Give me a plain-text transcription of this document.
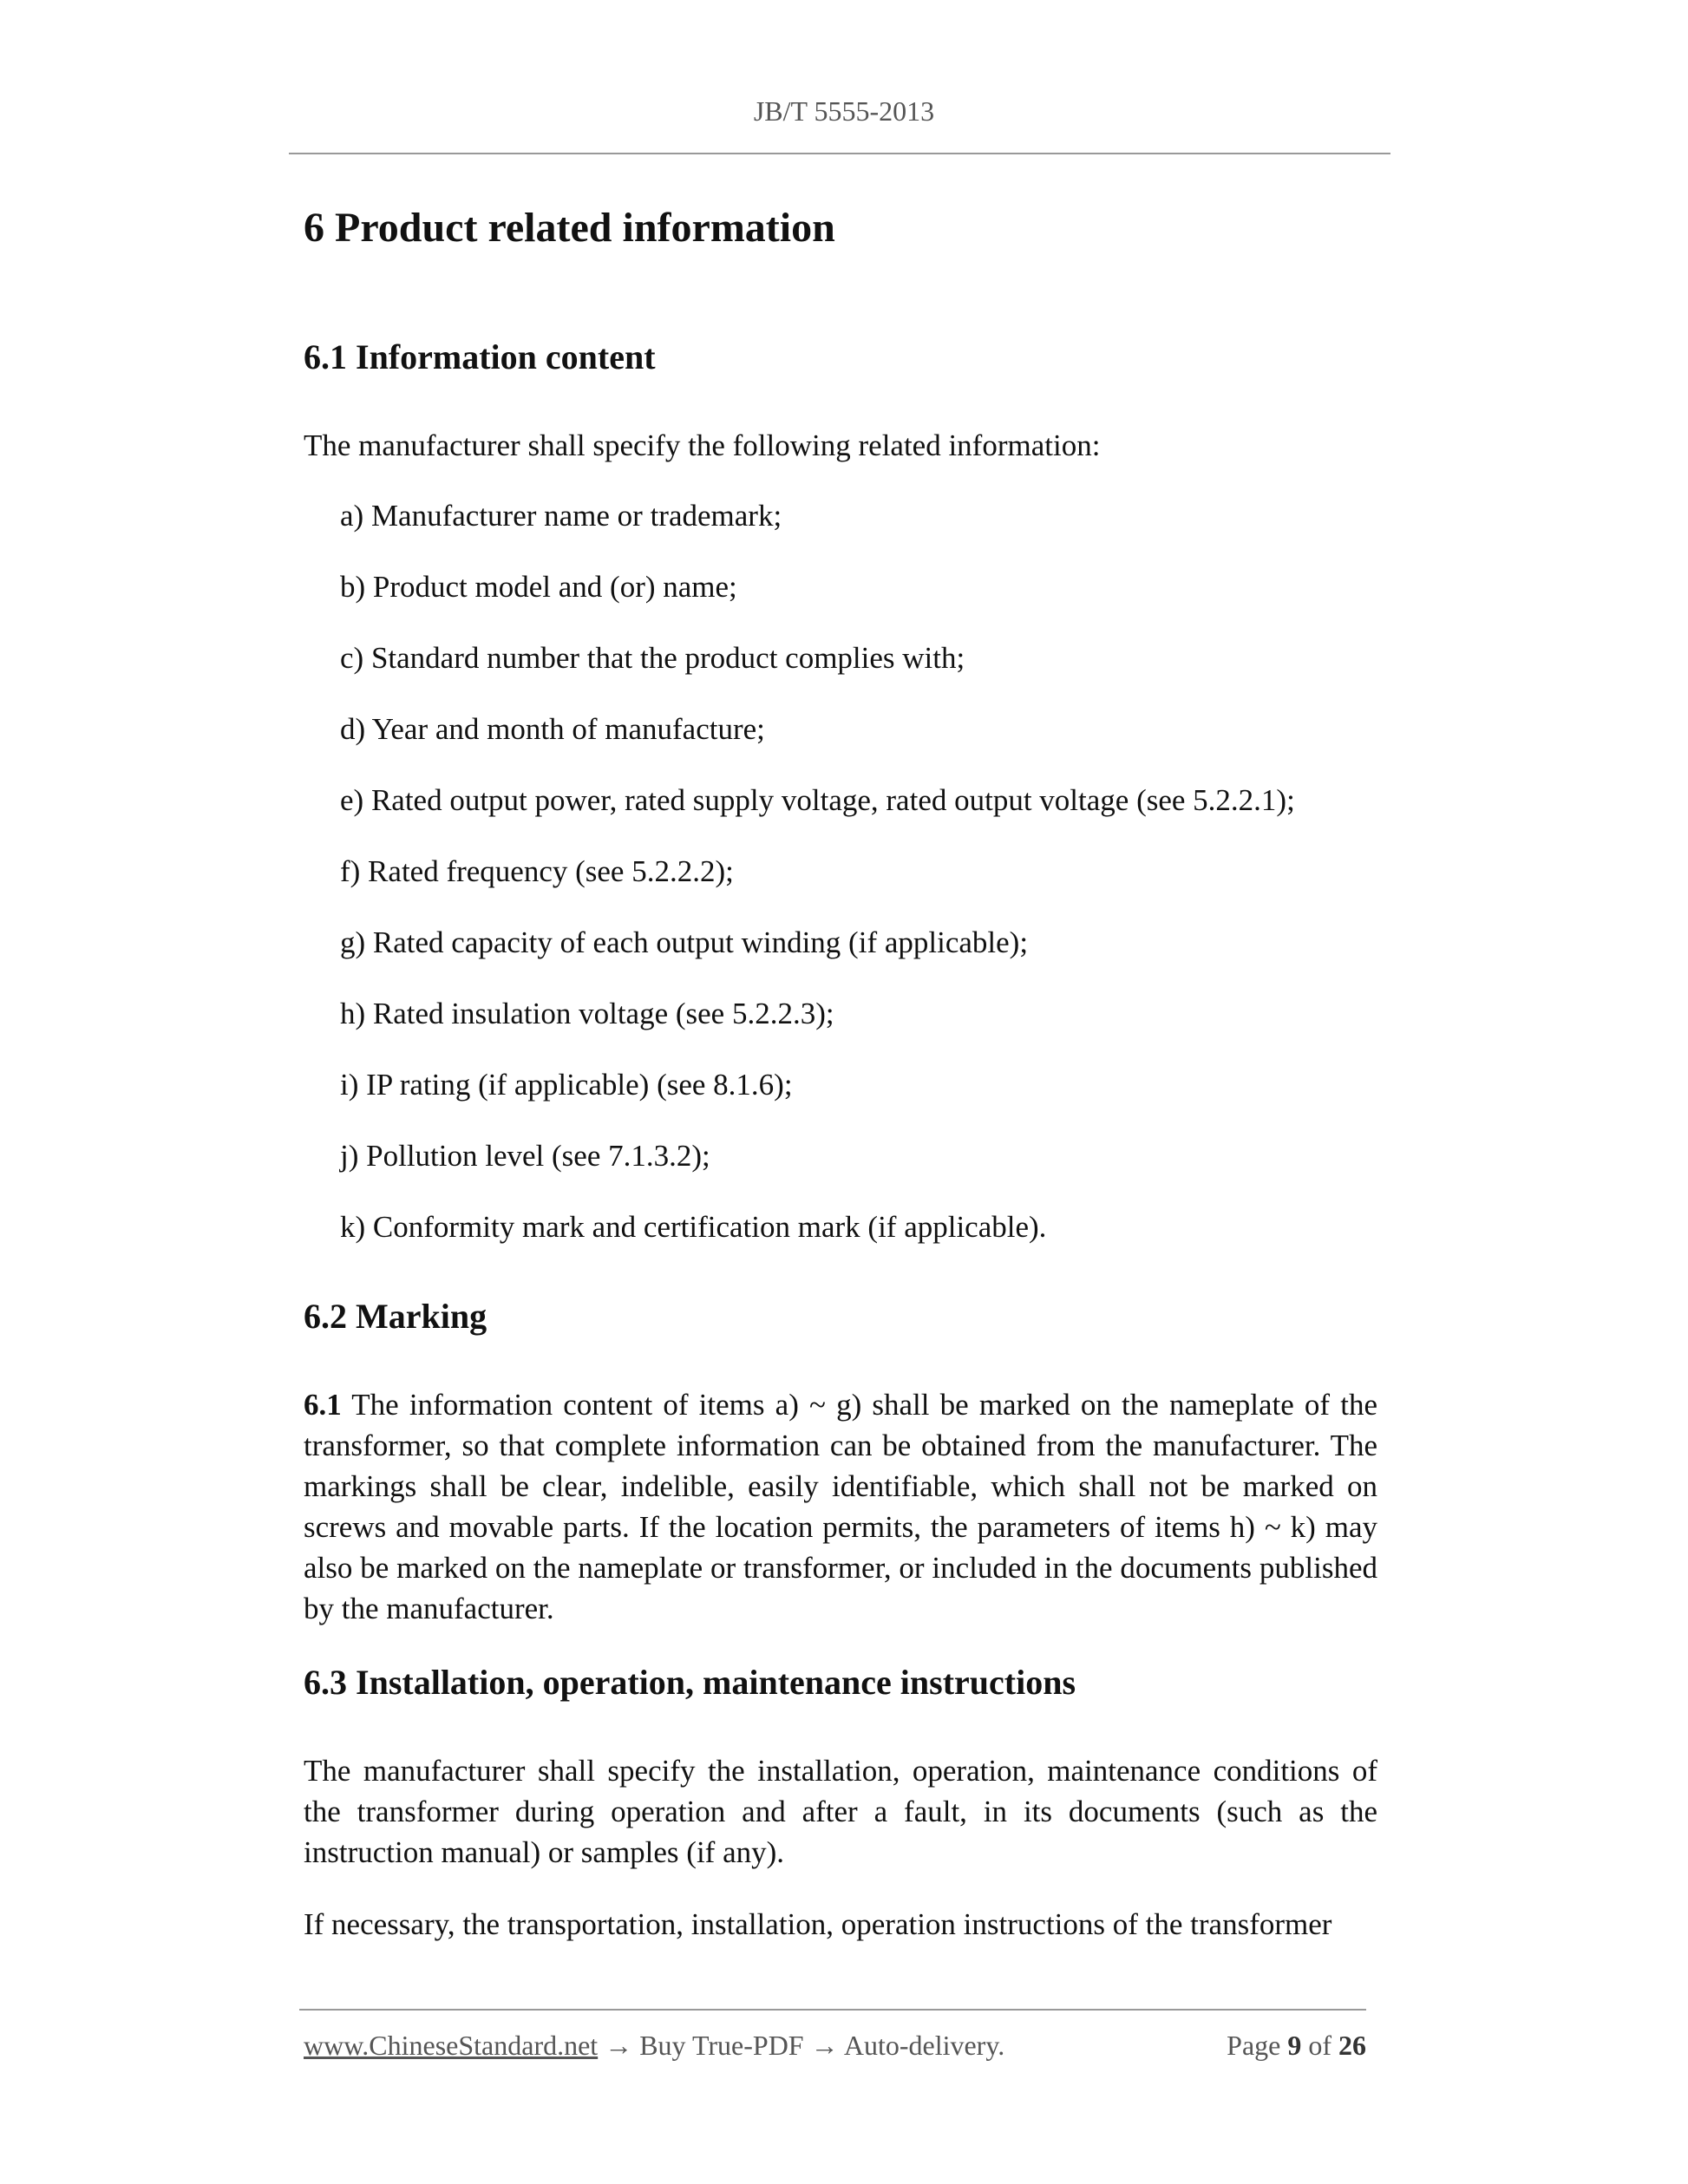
JB/T 5555-2013
6 Product related information
6.1 Information content

The manufacturer shall specify the following related information:

a) Manufacturer name or trademark;
b) Product model and (or) name;
c) Standard number that the product complies with;
d) Year and month of manufacture;
e) Rated output power, rated supply voltage, rated output voltage (see 5.2.2.1);
f) Rated frequency (see 5.2.2.2);
g) Rated capacity of each output winding (if applicable);
h) Rated insulation voltage (see 5.2.2.3);
i) IP rating (if applicable) (see 8.1.6);
j) Pollution level (see 7.1.3.2);
k) Conformity mark and certification mark (if applicable).
6.2 Marking

6.1 The information content of items a) ~ g) shall be marked on the nameplate of the transformer, so that complete information can be obtained from the manufacturer. The markings shall be clear, indelible, easily identifiable, which shall not be marked on screws and movable parts. If the location permits, the parameters of items h) ~ k) may also be marked on the nameplate or transformer, or included in the documents published by the manufacturer.

6.3 Installation, operation, maintenance instructions

The manufacturer shall specify the installation, operation, maintenance conditions of the transformer during operation and after a fault, in its documents (such as the instruction manual) or samples (if any).

If necessary, the transportation, installation, operation instructions of the transformer

www.ChineseStandard.net → Buy True-PDF → Auto-delivery.	Page 9 of 26
